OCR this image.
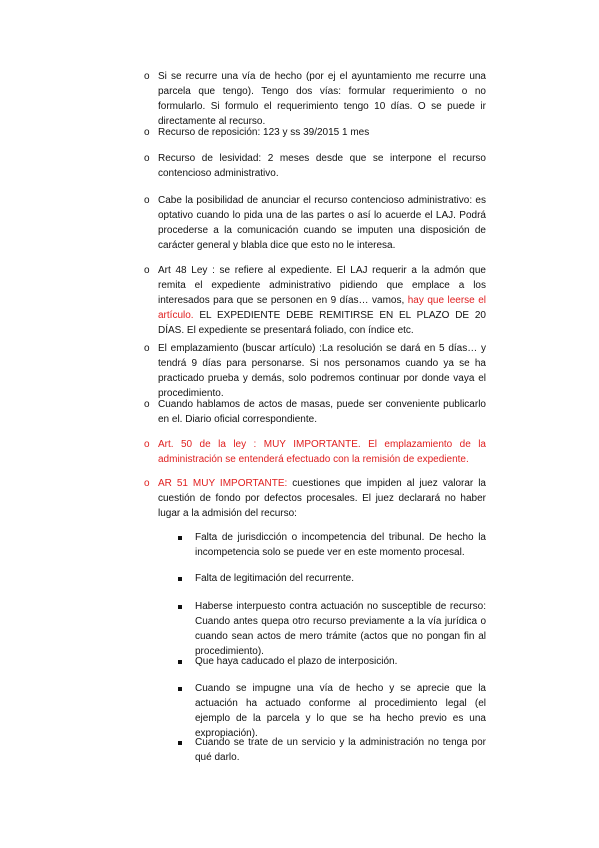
o Si se recurre una vía de hecho (por ej el ayuntamiento me recurre una parcela que tengo). Tengo dos vías: formular requerimiento o no formularlo. Si formulo el requerimiento tengo 10 días. O se puede ir directamente al recurso.
o Recurso de reposición: 123 y ss 39/2015 1 mes
o Recurso de lesividad: 2 meses desde que se interpone el recurso contencioso administrativo.
o Cabe la posibilidad de anunciar el recurso contencioso administrativo: es optativo cuando lo pida una de las partes o así lo acuerde el LAJ. Podrá procederse a la comunicación cuando se imputen una disposición de carácter general y blabla dice que esto no le interesa.
o Art 48 Ley : se refiere al expediente. El LAJ requerir a la admón que remita el expediente administrativo pidiendo que emplace a los interesados para que se personen en 9 días… vamos, hay que leerse el artículo. EL EXPEDIENTE DEBE REMITIRSE EN EL PLAZO DE 20 DÍAS. El expediente se presentará foliado, con índice etc.
o El emplazamiento (buscar artículo) :La resolución se dará en 5 días… y tendrá 9 días para personarse. Si nos personamos cuando ya se ha practicado prueba y demás, solo podremos continuar por donde vaya el procedimiento.
o Cuando hablamos de actos de masas, puede ser conveniente publicarlo en el. Diario oficial correspondiente.
o Art. 50 de la ley : MUY IMPORTANTE. El emplazamiento de la administración se entenderá efectuado con la remisión de expediente.
o AR 51 MUY IMPORTANTE: cuestiones que impiden al juez valorar la cuestión de fondo por defectos procesales. El juez declarará no haber lugar a la admisión del recurso:
Falta de jurisdicción o incompetencia del tribunal. De hecho la incompetencia solo se puede ver en este momento procesal.
Falta de legitimación del recurrente.
Haberse interpuesto contra actuación no susceptible de recurso: Cuando antes quepa otro recurso previamente a la vía jurídica o cuando sean actos de mero trámite (actos que no pongan fin al procedimiento).
Que haya caducado el plazo de interposición.
Cuando se impugne una vía de hecho y se aprecie que la actuación ha actuado conforme al procedimiento legal (el ejemplo de la parcela y lo que se ha hecho previo es una expropiación).
Cuando se trate de un servicio y la administración no tenga por qué darlo.
